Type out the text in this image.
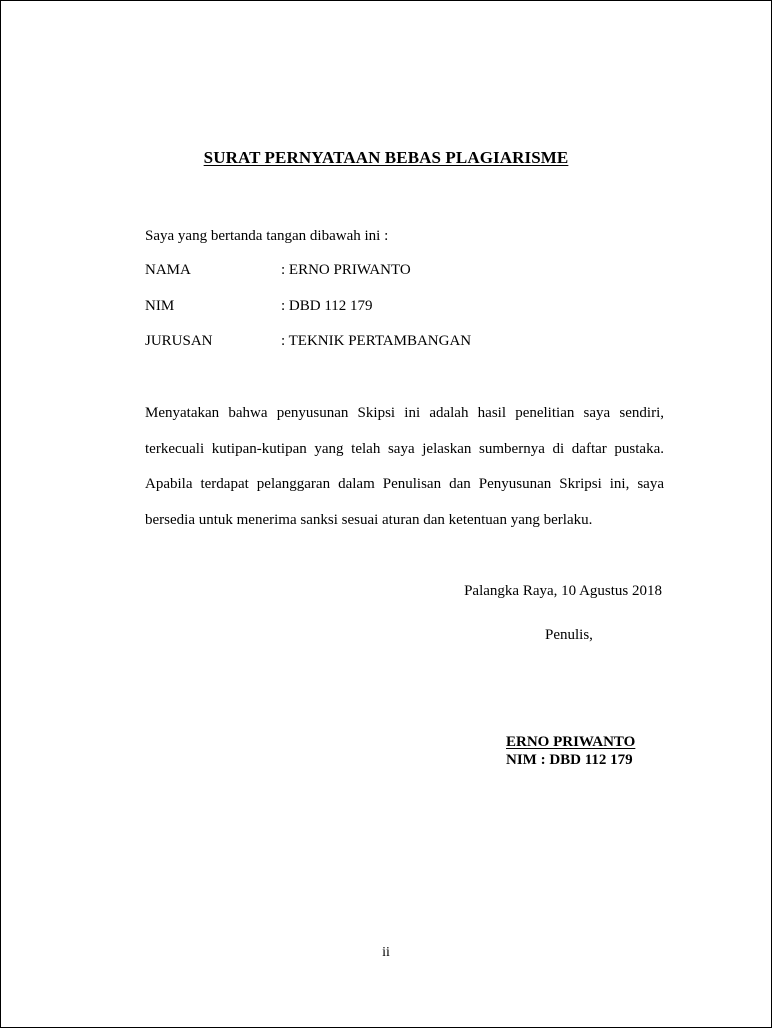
SURAT PERNYATAAN BEBAS PLAGIARISME
Saya yang bertanda tangan dibawah ini :
NAMA	: ERNO PRIWANTO
NIM	: DBD 112 179
JURUSAN	: TEKNIK PERTAMBANGAN
Menyatakan bahwa penyusunan Skipsi ini adalah hasil penelitian saya sendiri,
terkecuali kutipan-kutipan yang telah saya jelaskan sumbernya di daftar pustaka.
Apabila terdapat pelanggaran dalam Penulisan dan Penyusunan Skripsi ini, saya
bersedia untuk menerima sanksi sesuai aturan dan ketentuan yang berlaku.
Palangka Raya, 10 Agustus 2018
Penulis,
ERNO PRIWANTO
NIM : DBD 112 179
ii
